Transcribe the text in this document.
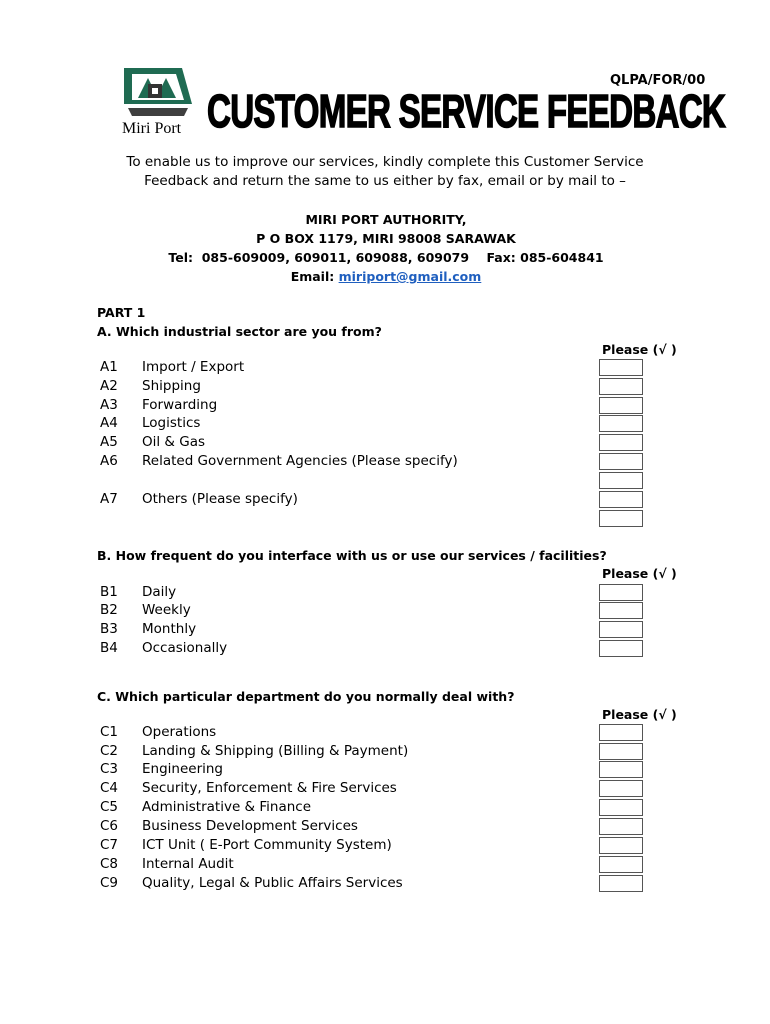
QLPA/FOR/00
Miri Port CUSTOMER SERVICE FEEDBACK
To enable us to improve our services, kindly complete this Customer Service
Feedback and return the same to us either by fax, email or by mail to –
MIRI PORT AUTHORITY,
P O BOX 1179, MIRI 98008 SARAWAK
Tel:  085-609009, 609011, 609088, 609079    Fax: 085-604841
Email: miriport@gmail.com
PART 1
A. Which industrial sector are you from?
Please (√ )
A1 Import / Export
A2 Shipping
A3 Forwarding
A4 Logistics
A5 Oil & Gas
A6 Related Government Agencies (Please specify)
A7 Others (Please specify)
B. How frequent do you interface with us or use our services / facilities?
Please (√ )
B1 Daily
B2 Weekly
B3 Monthly
B4 Occasionally
C. Which particular department do you normally deal with?
Please (√ )
C1 Operations
C2 Landing & Shipping (Billing & Payment)
C3 Engineering
C4 Security, Enforcement & Fire Services
C5 Administrative & Finance
C6 Business Development Services
C7 ICT Unit ( E-Port Community System)
C8 Internal Audit
C9 Quality, Legal & Public Affairs Services
